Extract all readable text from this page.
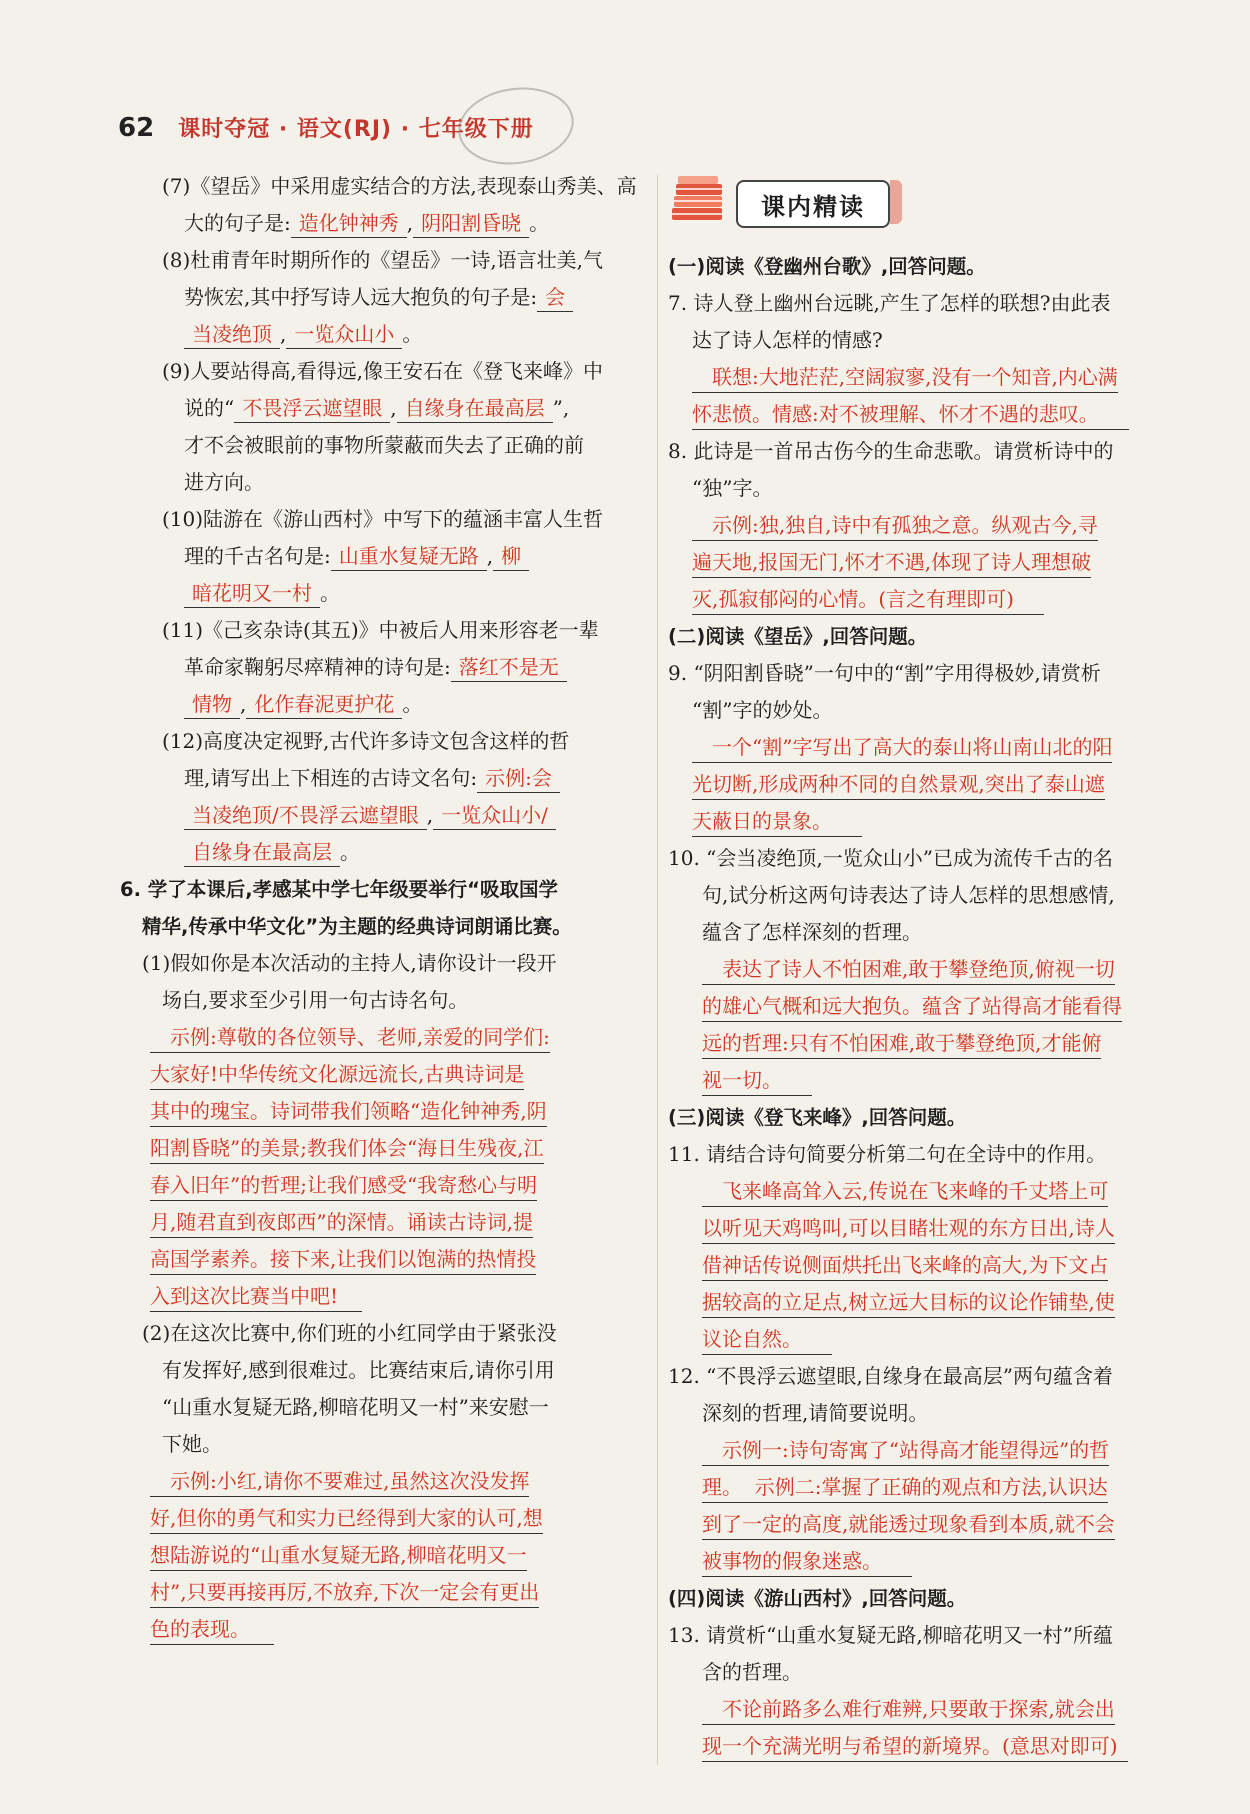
62 课时夺冠 · 语文(RJ) · 七年级下册
(7)《望岳》中采用虚实结合的方法,表现泰山秀美、高
大的句子是: 造化钟神秀 , 阴阳割昏晓 。
(8)杜甫青年时期所作的《望岳》一诗,语言壮美,气
势恢宏,其中抒写诗人远大抱负的句子是: 会
当凌绝顶 , 一览众山小 。
(9)人要站得高,看得远,像王安石在《登飞来峰》中
说的“ 不畏浮云遮望眼 , 自缘身在最高层 ”,
才不会被眼前的事物所蒙蔽而失去了正确的前
进方向。
(10)陆游在《游山西村》中写下的蕴涵丰富人生哲
理的千古名句是: 山重水复疑无路 , 柳
暗花明又一村 。
(11)《己亥杂诗(其五)》中被后人用来形容老一辈
革命家鞠躬尽瘁精神的诗句是: 落红不是无
情物 , 化作春泥更护花 。
(12)高度决定视野,古代许多诗文包含这样的哲
理,请写出上下相连的古诗文名句: 示例:会
当凌绝顶/不畏浮云遮望眼 , 一览众山小/
自缘身在最高层 。
6. 学了本课后,孝感某中学七年级要举行“吸取国学
精华,传承中华文化”为主题的经典诗词朗诵比赛。
(1)假如你是本次活动的主持人,请你设计一段开
场白,要求至少引用一句古诗名句。
示例:尊敬的各位领导、老师,亲爱的同学们:
大家好!中华传统文化源远流长,古典诗词是
其中的瑰宝。诗词带我们领略“造化钟神秀,阴
阳割昏晓”的美景;教我们体会“海日生残夜,江
春入旧年”的哲理;让我们感受“我寄愁心与明
月,随君直到夜郎西”的深情。诵读古诗词,提
高国学素养。接下来,让我们以饱满的热情投
入到这次比赛当中吧!
(2)在这次比赛中,你们班的小红同学由于紧张没
有发挥好,感到很难过。比赛结束后,请你引用
“山重水复疑无路,柳暗花明又一村”来安慰一
下她。
示例:小红,请你不要难过,虽然这次没发挥
好,但你的勇气和实力已经得到大家的认可,想
想陆游说的“山重水复疑无路,柳暗花明又一
村”,只要再接再厉,不放弃,下次一定会有更出
色的表现。
课内精读
(一)阅读《登幽州台歌》,回答问题。
7. 诗人登上幽州台远眺,产生了怎样的联想?由此表
达了诗人怎样的情感?
联想:大地茫茫,空阔寂寥,没有一个知音,内心满
怀悲愤。情感:对不被理解、怀才不遇的悲叹。
8. 此诗是一首吊古伤今的生命悲歌。请赏析诗中的
“独”字。
示例:独,独自,诗中有孤独之意。纵观古今,寻
遍天地,报国无门,怀才不遇,体现了诗人理想破
灭,孤寂郁闷的心情。(言之有理即可)
(二)阅读《望岳》,回答问题。
9. “阴阳割昏晓”一句中的“割”字用得极妙,请赏析
“割”字的妙处。
一个“割”字写出了高大的泰山将山南山北的阳
光切断,形成两种不同的自然景观,突出了泰山遮
天蔽日的景象。
10. “会当凌绝顶,一览众山小”已成为流传千古的名
句,试分析这两句诗表达了诗人怎样的思想感情,
蕴含了怎样深刻的哲理。
表达了诗人不怕困难,敢于攀登绝顶,俯视一切
的雄心气概和远大抱负。蕴含了站得高才能看得
远的哲理:只有不怕困难,敢于攀登绝顶,才能俯
视一切。
(三)阅读《登飞来峰》,回答问题。
11. 请结合诗句简要分析第二句在全诗中的作用。
飞来峰高耸入云,传说在飞来峰的千丈塔上可
以听见天鸡鸣叫,可以目睹壮观的东方日出,诗人
借神话传说侧面烘托出飞来峰的高大,为下文占
据较高的立足点,树立远大目标的议论作铺垫,使
议论自然。
12. “不畏浮云遮望眼,自缘身在最高层”两句蕴含着
深刻的哲理,请简要说明。
示例一:诗句寄寓了“站得高才能望得远”的哲
理。  示例二:掌握了正确的观点和方法,认识达
到了一定的高度,就能透过现象看到本质,就不会
被事物的假象迷惑。
(四)阅读《游山西村》,回答问题。
13. 请赏析“山重水复疑无路,柳暗花明又一村”所蕴
含的哲理。
不论前路多么难行难辨,只要敢于探索,就会出
现一个充满光明与希望的新境界。(意思对即可)
